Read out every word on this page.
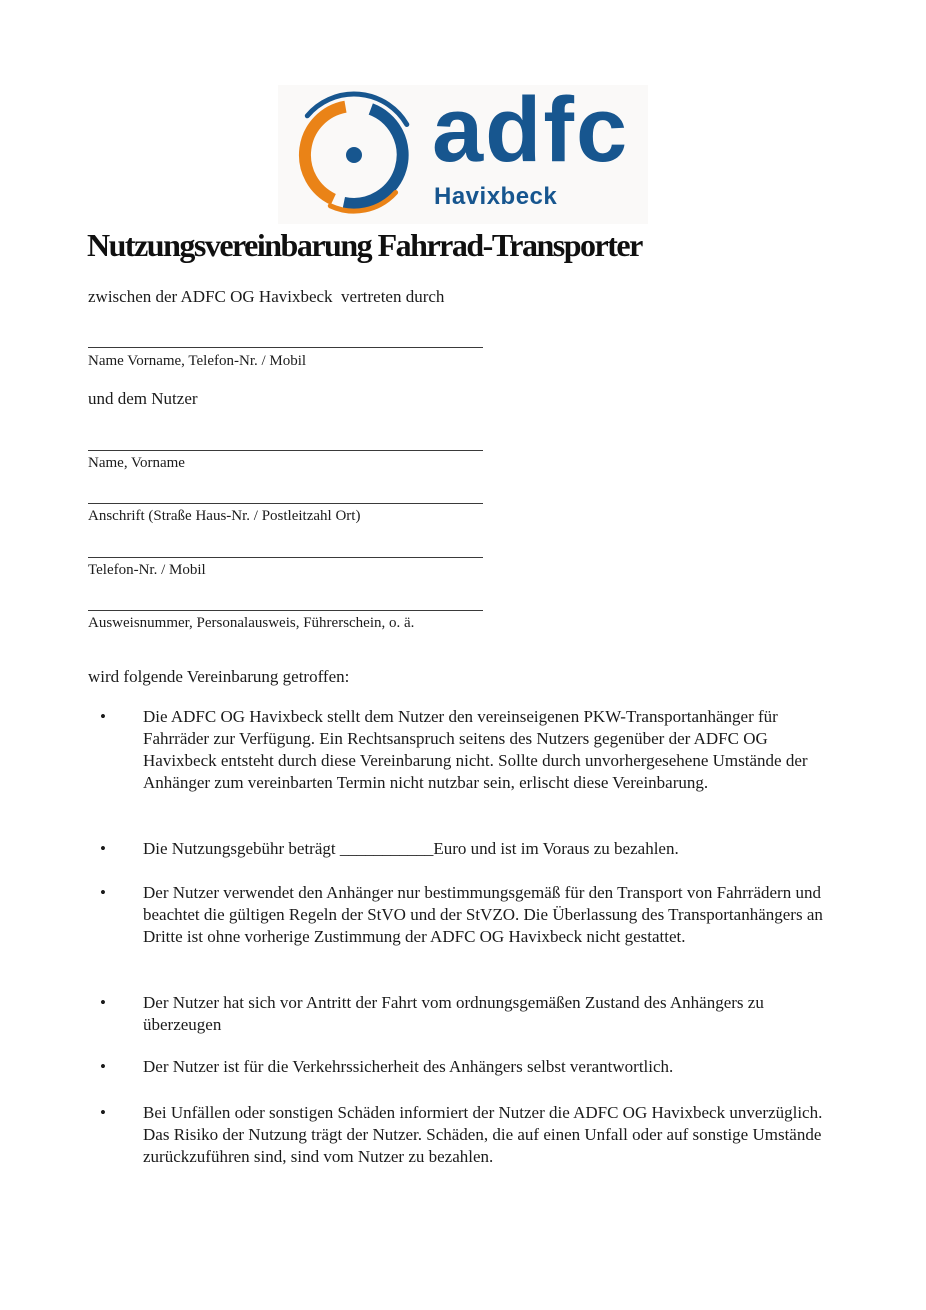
adfc
Havixbeck
Nutzungsvereinbarung Fahrrad-Transporter
zwischen der ADFC OG Havixbeck  vertreten durch
Name Vorname, Telefon-Nr. / Mobil
und dem Nutzer
Name, Vorname
Anschrift (Straße Haus-Nr. / Postleitzahl Ort)
Telefon-Nr. / Mobil
Ausweisnummer, Personalausweis, Führerschein, o. ä.
wird folgende Vereinbarung getroffen:
•	Die ADFC OG Havixbeck stellt dem Nutzer den vereinseigenen PKW-Transportanhänger für Fahrräder zur Verfügung. Ein Rechtsanspruch seitens des Nutzers gegenüber der ADFC OG Havixbeck entsteht durch diese Vereinbarung nicht. Sollte durch unvorhergesehene Umstände der Anhänger zum vereinbarten Termin nicht nutzbar sein, erlischt diese Vereinbarung.
•	Die Nutzungsgebühr beträgt ___________Euro und ist im Voraus zu bezahlen.
•	Der Nutzer verwendet den Anhänger nur bestimmungsgemäß für den Transport von Fahrrädern und beachtet die gültigen Regeln der StVO und der StVZO. Die Überlassung des Transportanhängers an Dritte ist ohne vorherige Zustimmung der ADFC OG Havixbeck nicht gestattet.
•	Der Nutzer hat sich vor Antritt der Fahrt vom ordnungsgemäßen Zustand des Anhängers zu überzeugen
•	Der Nutzer ist für die Verkehrssicherheit des Anhängers selbst verantwortlich.
•	Bei Unfällen oder sonstigen Schäden informiert der Nutzer die ADFC OG Havixbeck unverzüglich. Das Risiko der Nutzung trägt der Nutzer. Schäden, die auf einen Unfall oder auf sonstige Umstände zurückzuführen sind, sind vom Nutzer zu bezahlen.
